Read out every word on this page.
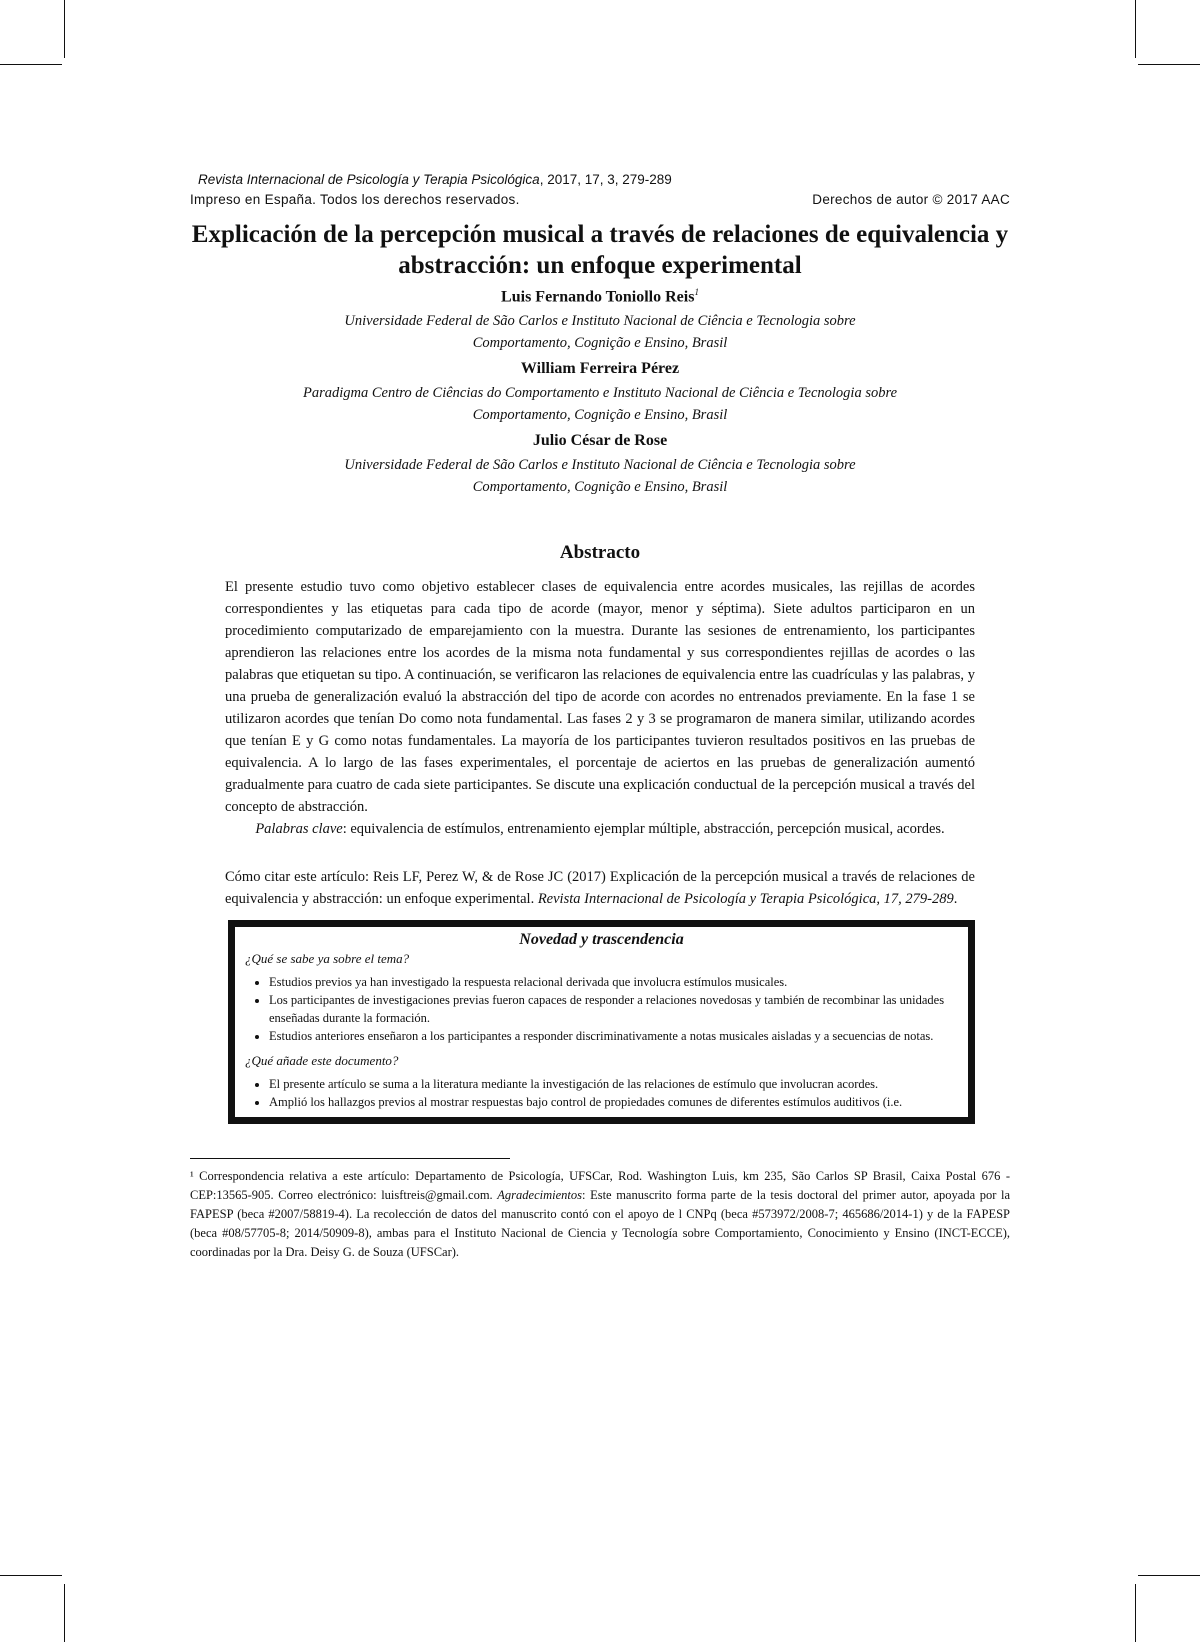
Revista Internacional de Psicología y Terapia Psicológica, 2017, 17, 3, 279-289
Impreso en España. Todos los derechos reservados.	Derechos de autor © 2017 AAC
Explicación de la percepción musical a través de relaciones de equivalencia y abstracción: un enfoque experimental
Luis Fernando Toniollo Reis$^1$
Universidade Federal de São Carlos e Instituto Nacional de Ciência e Tecnologia sobre
Comportamento, Cognição e Ensino, Brasil
William Ferreira Pérez
Paradigma Centro de Ciências do Comportamento e Instituto Nacional de Ciência e Tecnologia sobre
Comportamento, Cognição e Ensino, Brasil
Julio César de Rose
Universidade Federal de São Carlos e Instituto Nacional de Ciência e Tecnologia sobre
Comportamento, Cognição e Ensino, Brasil
Abstracto
El presente estudio tuvo como objetivo establecer clases de equivalencia entre acordes musicales, las rejillas de acordes correspondientes y las etiquetas para cada tipo de acorde (mayor, menor y séptima). Siete adultos participaron en un procedimiento computarizado de emparejamiento con la muestra. Durante las sesiones de entrenamiento, los participantes aprendieron las relaciones entre los acordes de la misma nota fundamental y sus correspondientes rejillas de acordes o las palabras que etiquetan su tipo. A continuación, se verificaron las relaciones de equivalencia entre las cuadrículas y las palabras, y una prueba de generalización evaluó la abstracción del tipo de acorde con acordes no entrenados previamente. En la fase 1 se utilizaron acordes que tenían Do como nota fundamental. Las fases 2 y 3 se programaron de manera similar, utilizando acordes que tenían E y G como notas fundamentales. La mayoría de los participantes tuvieron resultados positivos en las pruebas de equivalencia. A lo largo de las fases experimentales, el porcentaje de aciertos en las pruebas de generalización aumentó gradualmente para cuatro de cada siete participantes. Se discute una explicación conductual de la percepción musical a través del concepto de abstracción.
Palabras clave: equivalencia de estímulos, entrenamiento ejemplar múltiple, abstracción, percepción musical, acordes.
Cómo citar este artículo: Reis LF, Perez W, & de Rose JC (2017) Explicación de la percepción musical a través de relaciones de equivalencia y abstracción: un enfoque experimental. Revista Internacional de Psicología y Terapia Psicológica, 17, 279-289.
Novedad y trascendencia
¿Qué se sabe ya sobre el tema?
• Estudios previos ya han investigado la respuesta relacional derivada que involucra estímulos musicales.
• Los participantes de investigaciones previas fueron capaces de responder a relaciones novedosas y también de recombinar las unidades enseñadas durante la formación.
• Estudios anteriores enseñaron a los participantes a responder discriminativamente a notas musicales aisladas y a secuencias de notas.
¿Qué añade este documento?
• El presente artículo se suma a la literatura mediante la investigación de las relaciones de estímulo que involucran acordes.
• Amplió los hallazgos previos al mostrar respuestas bajo control de propiedades comunes de diferentes estímulos auditivos (i.e.
¹ Correspondencia relativa a este artículo: Departamento de Psicología, UFSCar, Rod. Washington Luis, km 235, São Carlos SP Brasil, Caixa Postal 676 - CEP:13565-905. Correo electrónico: luisftreis@gmail.com. Agradecimientos: Este manuscrito forma parte de la tesis doctoral del primer autor, apoyada por la FAPESP (beca #2007/58819-4). La recolección de datos del manuscrito contó con el apoyo de l CNPq (beca #573972/2008-7; 465686/2014-1) y de la FAPESP (beca #08/57705-8; 2014/50909-8), ambas para el Instituto Nacional de Ciencia y Tecnología sobre Comportamiento, Conocimiento y Ensino (INCT-ECCE), coordinadas por la Dra. Deisy G. de Souza (UFSCar).
